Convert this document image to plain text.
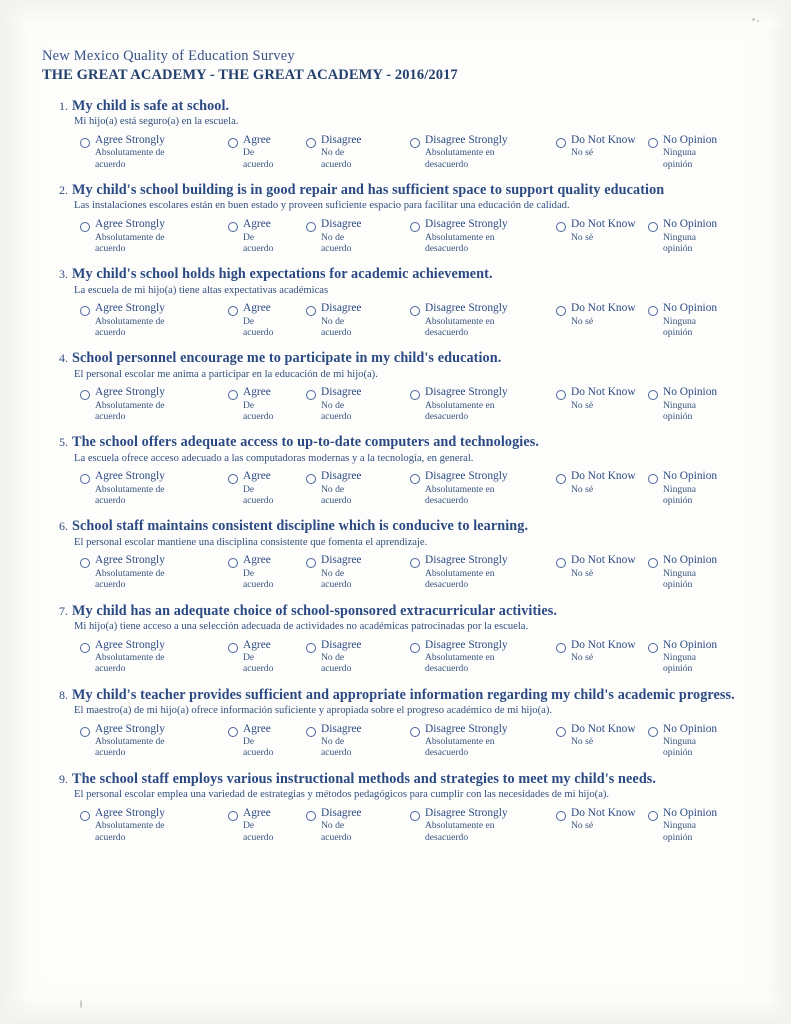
New Mexico Quality of Education Survey
THE GREAT ACADEMY - THE GREAT ACADEMY - 2016/2017
1. My child is safe at school.
Mi hijo(a) está seguro(a) en la escuela.
Agree Strongly
Absolutamente de
acuerdo
Agree
De
acuerdo
Disagree
No de
acuerdo
Disagree Strongly
Absolutamente en
desacuerdo
Do Not Know
No sé
No Opinion
Ninguna
opinión
2. My child's school building is in good repair and has sufficient space to support quality education
Las instalaciones escolares están en buen estado y proveen suficiente espacio para facilitar una educación de calidad.
Agree Strongly
Absolutamente de
acuerdo
Agree
De
acuerdo
Disagree
No de
acuerdo
Disagree Strongly
Absolutamente en
desacuerdo
Do Not Know
No sé
No Opinion
Ninguna
opinión
3. My child's school holds high expectations for academic achievement.
La escuela de mi hijo(a) tiene altas expectativas académicas
Agree Strongly
Absolutamente de
acuerdo
Agree
De
acuerdo
Disagree
No de
acuerdo
Disagree Strongly
Absolutamente en
desacuerdo
Do Not Know
No sé
No Opinion
Ninguna
opinión
4. School personnel encourage me to participate in my child's education.
El personal escolar me anima a participar en la educación de mi hijo(a).
Agree Strongly
Absolutamente de
acuerdo
Agree
De
acuerdo
Disagree
No de
acuerdo
Disagree Strongly
Absolutamente en
desacuerdo
Do Not Know
No sé
No Opinion
Ninguna
opinión
5. The school offers adequate access to up-to-date computers and technologies.
La escuela ofrece acceso adecuado a las computadoras modernas y a la tecnología, en general.
Agree Strongly
Absolutamente de
acuerdo
Agree
De
acuerdo
Disagree
No de
acuerdo
Disagree Strongly
Absolutamente en
desacuerdo
Do Not Know
No sé
No Opinion
Ninguna
opinión
6. School staff maintains consistent discipline which is conducive to learning.
El personal escolar mantiene una disciplina consistente que fomenta el aprendizaje.
Agree Strongly
Absolutamente de
acuerdo
Agree
De
acuerdo
Disagree
No de
acuerdo
Disagree Strongly
Absolutamente en
desacuerdo
Do Not Know
No sé
No Opinion
Ninguna
opinión
7. My child has an adequate choice of school-sponsored extracurricular activities.
Mi hijo(a) tiene acceso a una selección adecuada de actividades no académicas patrocinadas por la escuela.
Agree Strongly
Absolutamente de
acuerdo
Agree
De
acuerdo
Disagree
No de
acuerdo
Disagree Strongly
Absolutamente en
desacuerdo
Do Not Know
No sé
No Opinion
Ninguna
opinión
8. My child's teacher provides sufficient and appropriate information regarding my child's academic progress.
El maestro(a) de mi hijo(a) ofrece información suficiente y apropiada sobre el progreso académico de mi hijo(a).
Agree Strongly
Absolutamente de
acuerdo
Agree
De
acuerdo
Disagree
No de
acuerdo
Disagree Strongly
Absolutamente en
desacuerdo
Do Not Know
No sé
No Opinion
Ninguna
opinión
9. The school staff employs various instructional methods and strategies to meet my child's needs.
El personal escolar emplea una variedad de estrategias y métodos pedagógicos para cumplir con las necesidades de mi hijo(a).
Agree Strongly
Absolutamente de
acuerdo
Agree
De
acuerdo
Disagree
No de
acuerdo
Disagree Strongly
Absolutamente en
desacuerdo
Do Not Know
No sé
No Opinion
Ninguna
opinión
